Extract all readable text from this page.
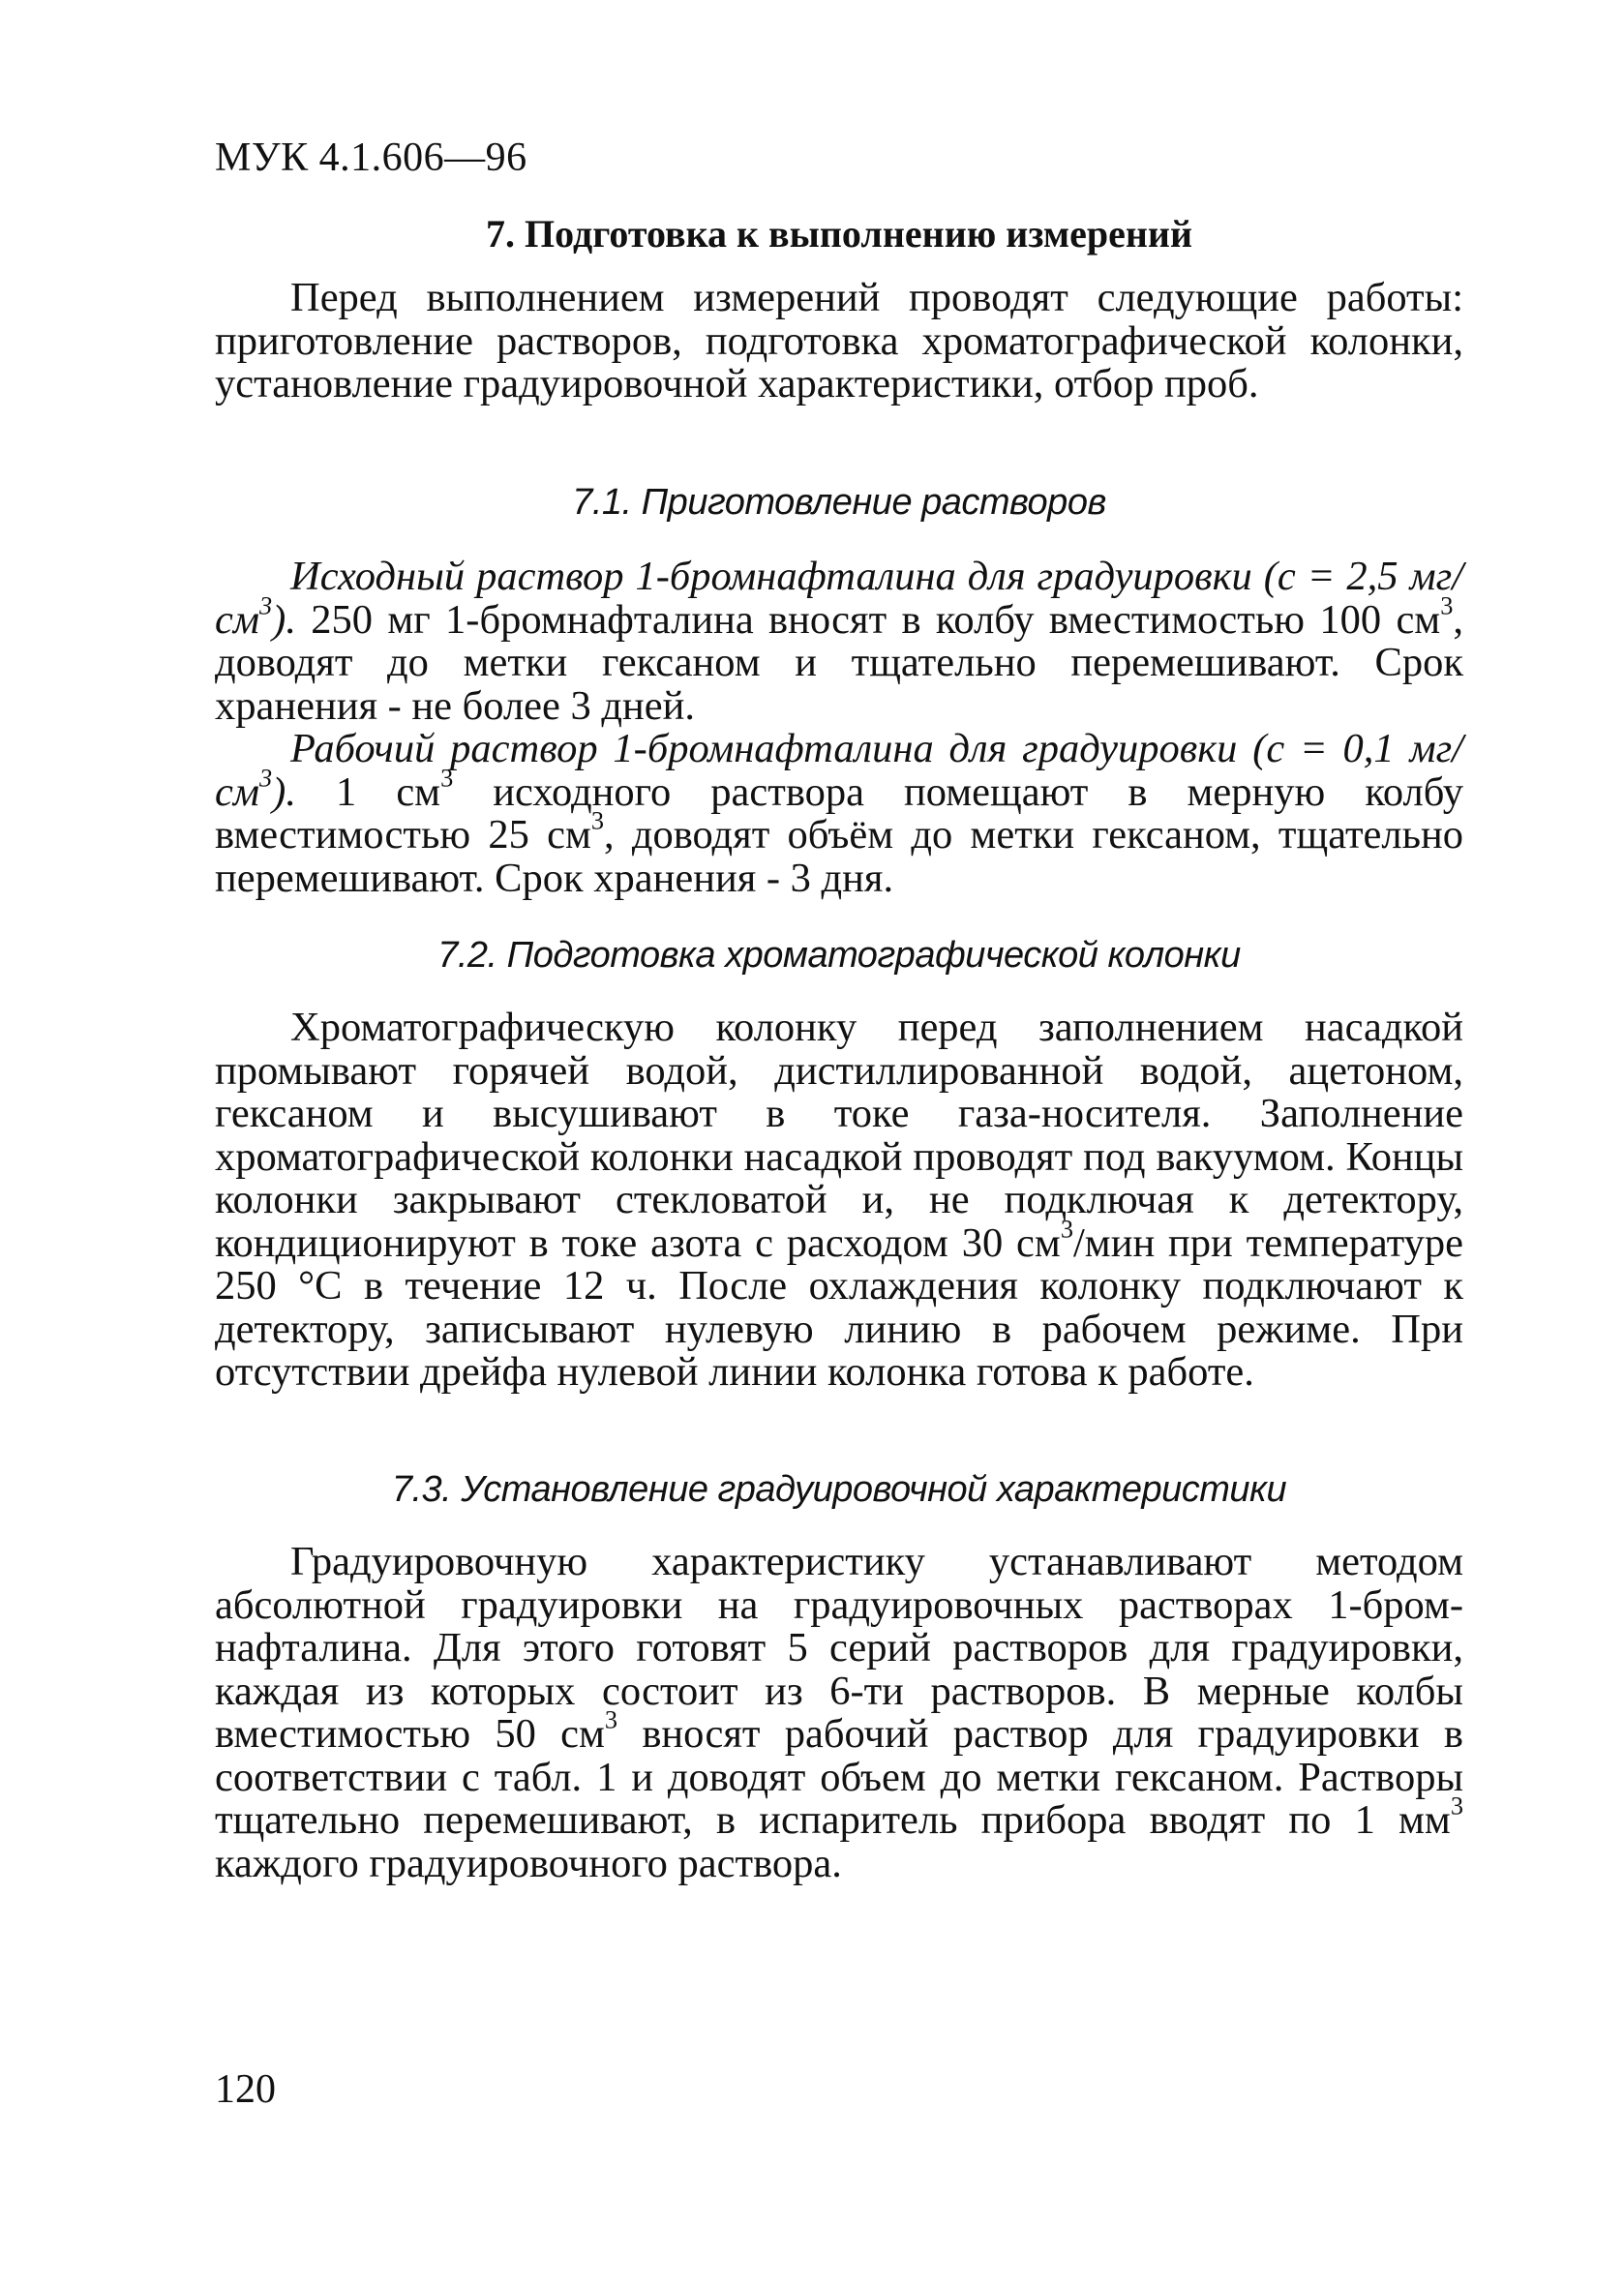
МУК 4.1.606—96
7. Подготовка к выполнению измерений

Перед выполнением измерений проводят следующие работы: приготовление растворов, подготовка хроматографической колонки, установление градуировочной характеристики, отбор проб.

7.1. Приготовление растворов

Исходный раствор 1-бромнафталина для градуировки (с = 2,5 $мг/см^3$). 250 мг 1-бромнафталина вносят в колбу вместимостью 100 $см^3$, доводят до метки гексаном и тщательно перемешивают. Срок хранения - не более 3 дней.

Рабочий раствор 1-бромнафталина для градуировки (с = 0,1 $мг/см^3$). 1 $см^3$ исходного раствора помещают в мерную колбу вместимостью 25 $см^3$, доводят объём до метки гексаном, тщательно перемешивают. Срок хранения - 3 дня.

7.2. Подготовка хроматографической колонки

Хроматографическую колонку перед заполнением насадкой промывают горячей водой, дистиллированной водой, ацетоном, гексаном и высушивают в токе газа-носителя. Заполнение хроматографической колонки насадкой проводят под вакуумом. Концы колонки закрывают стекловатой и, не подключая к детектору, кондиционируют в токе азота с расходом 30 $см^3$/мин при температуре 250 °С в течение 12 ч. После охлаждения колонку подключают к детектору, записывают нулевую линию в рабочем режиме. При отсутствии дрейфа нулевой линии колонка готова к работе.

7.3. Установление градуировочной характеристики

Градуировочную характеристику устанавливают методом абсолютной градуировки на градуировочных растворах 1-бромнафталина. Для этого готовят 5 серий растворов для градуировки, каждая из которых состоит из 6-ти растворов. В мерные колбы вместимостью 50 $см^3$ вносят рабочий раствор для градуировки в соответствии с табл. 1 и доводят объем до метки гексаном. Растворы тщательно перемешивают, в испаритель прибора вводят по 1 $мм^3$ каждого градуировочного раствора.

120
